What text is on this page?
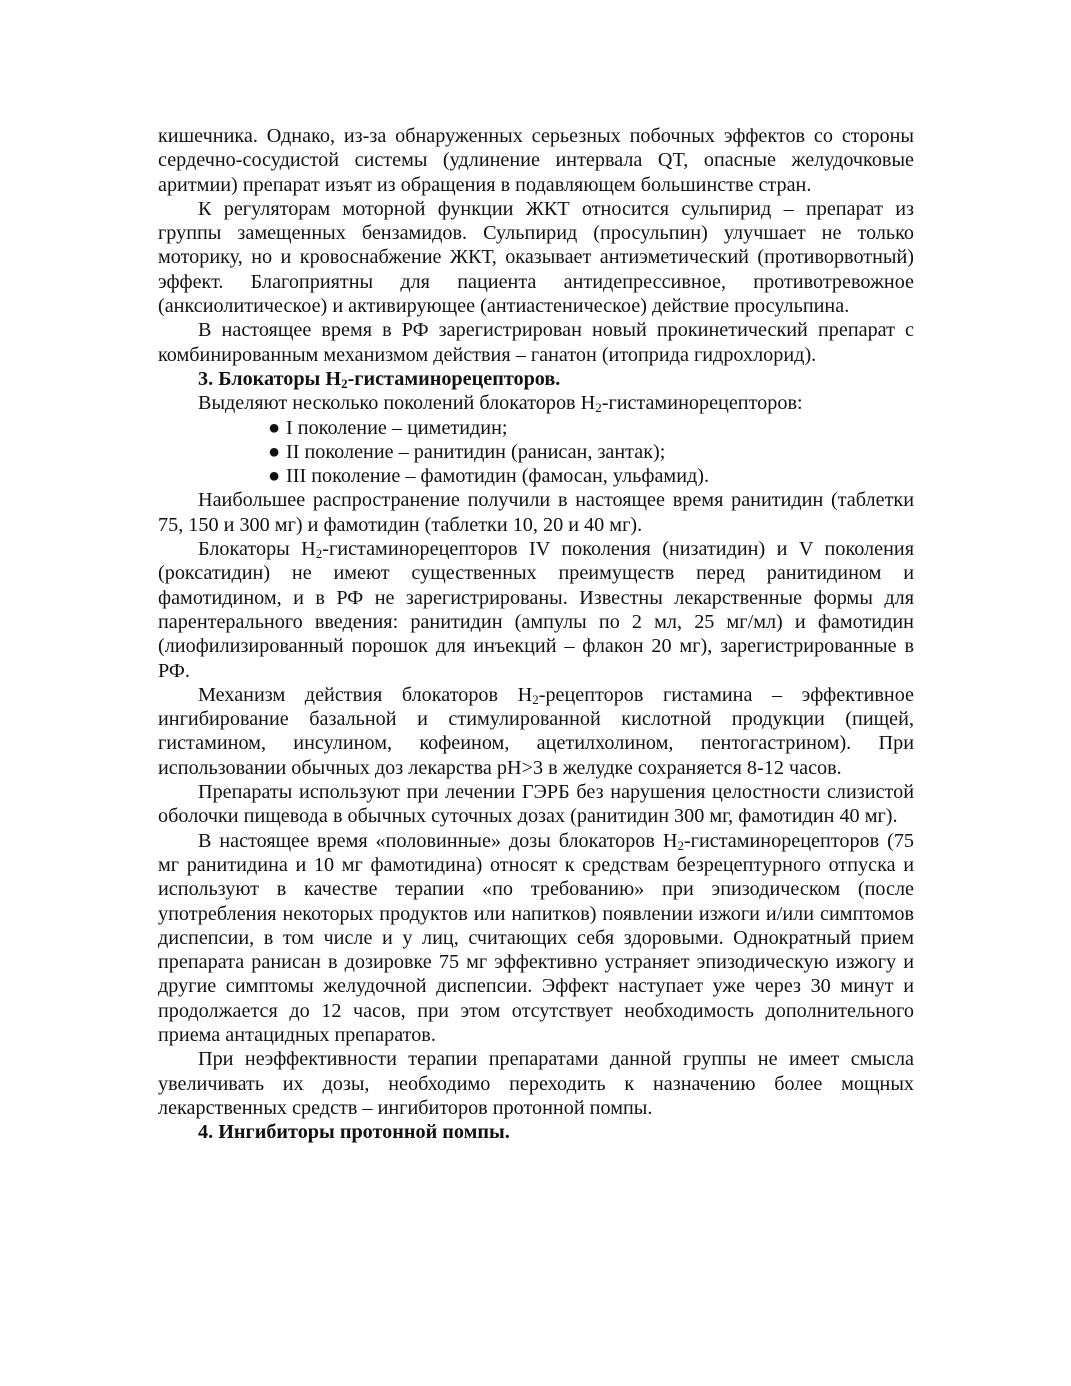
кишечника. Однако, из-за обнаруженных серьезных побочных эффектов со стороны сердечно-сосудистой системы (удлинение интервала QT, опасные желудочковые аритмии) препарат изъят из обращения в подавляющем большинстве стран.

К регуляторам моторной функции ЖКТ относится сульпирид – препарат из группы замещенных бензамидов. Сульпирид (просульпин) улучшает не только моторику, но и кровоснабжение ЖКТ, оказывает антиэметический (противорвотный) эффект. Благоприятны для пациента антидепрессивное, противотревожное (анксиолитическое) и активирующее (антиастеническое) действие просульпина.

В настоящее время в РФ зарегистрирован новый прокинетический препарат с комбинированным механизмом действия – ганатон (итоприда гидрохлорид).

3. Блокаторы $Н_2$-гистаминорецепторов.

Выделяют несколько поколений блокаторов $Н_2$-гистаминорецепторов:

● I поколение – циметидин;
● II поколение – ранитидин (ранисан, зантак);
● III поколение – фамотидин (фамосан, ульфамид).

Наибольшее распространение получили в настоящее время ранитидин (таблетки 75, 150 и 300 мг) и фамотидин (таблетки 10, 20 и 40 мг).

Блокаторы $Н_2$-гистаминорецепторов IV поколения (низатидин) и V поколения (роксатидин) не имеют существенных преимуществ перед ранитидином и фамотидином, и в РФ не зарегистрированы. Известны лекарственные формы для парентерального введения: ранитидин (ампулы по 2 мл, 25 мг/мл) и фамотидин (лиофилизированный порошок для инъекций – флакон 20 мг), зарегистрированные в РФ.

Механизм действия блокаторов $Н_2$-рецепторов гистамина – эффективное ингибирование базальной и стимулированной кислотной продукции (пищей, гистамином, инсулином, кофеином, ацетилхолином, пентогастрином). При использовании обычных доз лекарства рН>3 в желудке сохраняется 8-12 часов.

Препараты используют при лечении ГЭРБ без нарушения целостности слизистой оболочки пищевода в обычных суточных дозах (ранитидин 300 мг, фамотидин 40 мг).

В настоящее время «половинные» дозы блокаторов $Н_2$-гистаминорецепторов (75 мг ранитидина и 10 мг фамотидина) относят к средствам безрецептурного отпуска и используют в качестве терапии «по требованию» при эпизодическом (после употребления некоторых продуктов или напитков) появлении изжоги и/или симптомов диспепсии, в том числе и у лиц, считающих себя здоровыми. Однократный прием препарата ранисан в дозировке 75 мг эффективно устраняет эпизодическую изжогу и другие симптомы желудочной диспепсии. Эффект наступает уже через 30 минут и продолжается до 12 часов, при этом отсутствует необходимость дополнительного приема антацидных препаратов.

При неэффективности терапии препаратами данной группы не имеет смысла увеличивать их дозы, необходимо переходить к назначению более мощных лекарственных средств – ингибиторов протонной помпы.

4. Ингибиторы протонной помпы.
